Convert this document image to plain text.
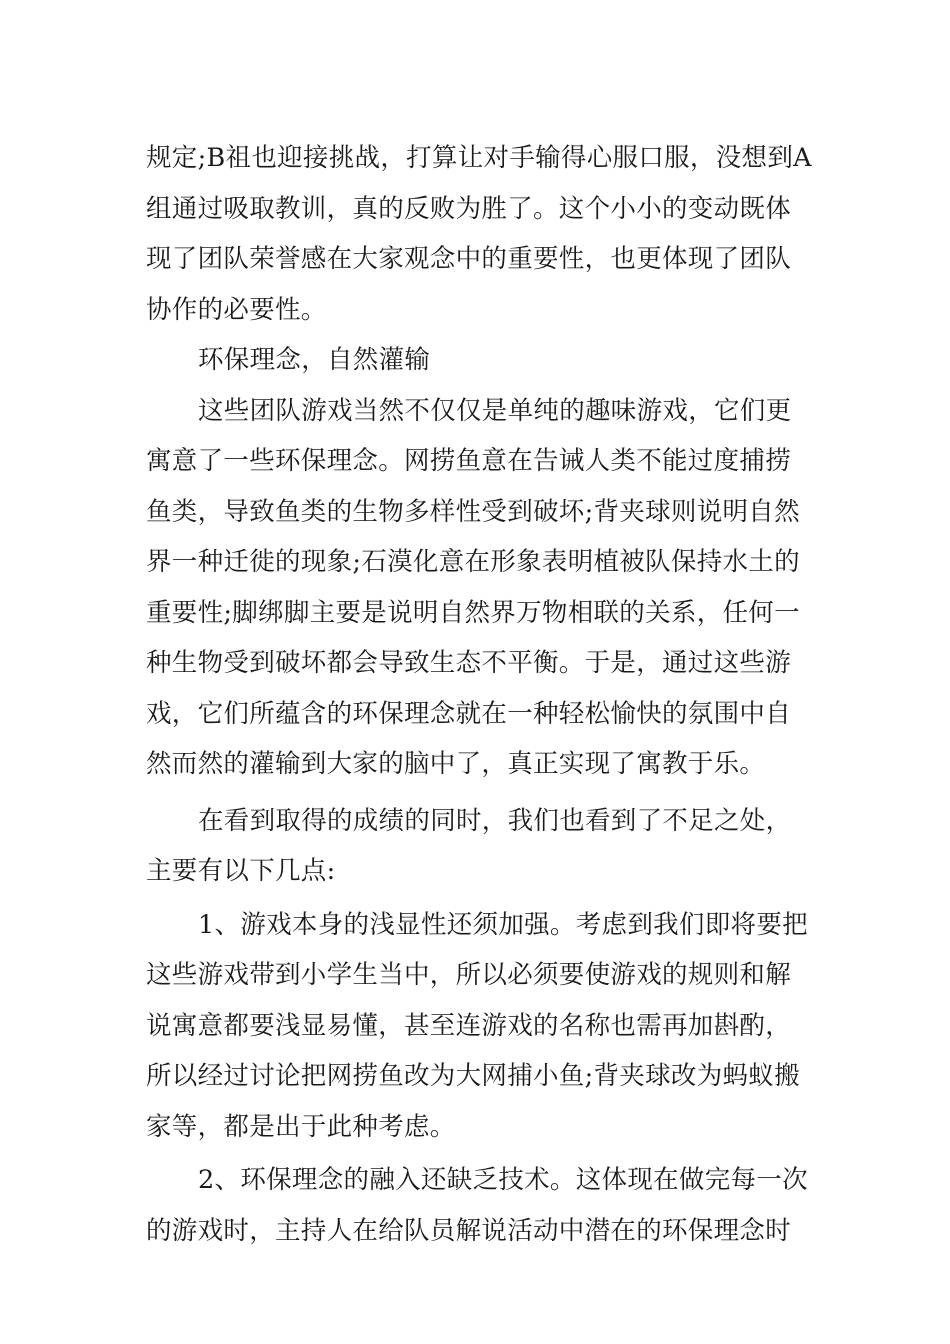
规定;B祖也迎接挑战，打算让对手输得心服口服，没想到A
组通过吸取教训，真的反败为胜了。这个小小的变动既体
现了团队荣誉感在大家观念中的重要性，也更体现了团队
协作的必要性。
环保理念，自然灌输
这些团队游戏当然不仅仅是单纯的趣味游戏，它们更
寓意了一些环保理念。网捞鱼意在告诫人类不能过度捕捞
鱼类，导致鱼类的生物多样性受到破坏;背夹球则说明自然
界一种迁徙的现象;石漠化意在形象表明植被队保持水土的
重要性;脚绑脚主要是说明自然界万物相联的关系，任何一
种生物受到破坏都会导致生态不平衡。于是，通过这些游
戏，它们所蕴含的环保理念就在一种轻松愉快的氛围中自
然而然的灌输到大家的脑中了，真正实现了寓教于乐。
在看到取得的成绩的同时，我们也看到了不足之处，
主要有以下几点:
1、游戏本身的浅显性还须加强。考虑到我们即将要把
这些游戏带到小学生当中，所以必须要使游戏的规则和解
说寓意都要浅显易懂，甚至连游戏的名称也需再加斟酌，
所以经过讨论把网捞鱼改为大网捕小鱼;背夹球改为蚂蚁搬
家等，都是出于此种考虑。
2、环保理念的融入还缺乏技术。这体现在做完每一次
的游戏时，主持人在给队员解说活动中潜在的环保理念时
